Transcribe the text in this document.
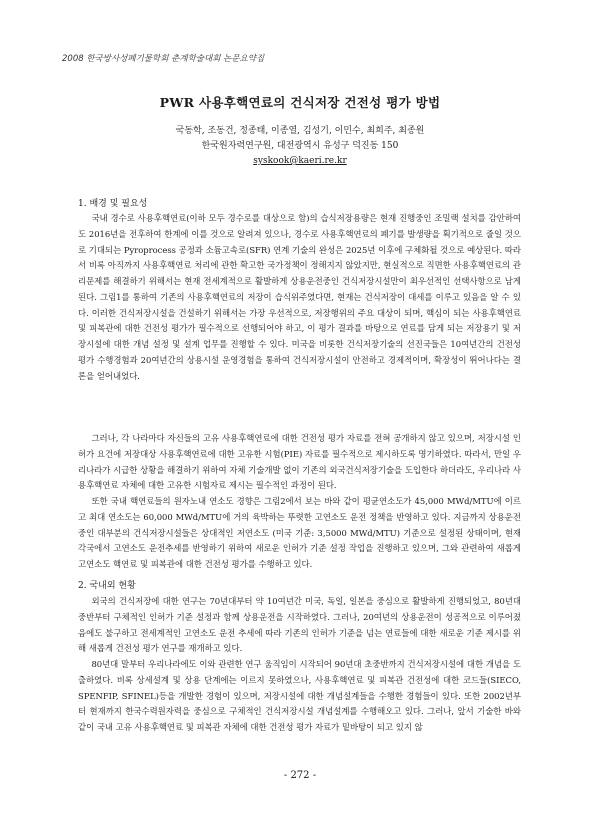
2008 한국방사성폐기물학회 춘계학술대회 논문요약집
PWR 사용후핵연료의 건식저장 건전성 평가 방법
국동학, 조동건, 정종태, 이종열, 김성기, 이민수, 최희주, 최종원
한국원자력연구원, 대전광역시 유성구 덕진동 150
syskook@kaeri.re.kr
1. 배경 및 필요성

국내 경수로 사용후핵연료(이하 모두 경수로를 대상으로 함)의 습식저장용량은 현재 진행중인 조밀랙 설치를 감안하여도 2016년을 전후하여 한계에 이를 것으로 알려져 있으나, 경수로 사용후핵연료의 폐기를 발생량을 획기적으로 줄일 것으로 기대되는 Pyroprocess 공정과 소듐고속로(SFR) 연계 기술의 완성은 2025년 이후에 구체화될 것으로 예상된다. 따라서 비록 아직까지 사용후핵연료 처리에 관한 확고한 국가정책이 정해지지 않았지만, 현실적으로 직면한 사용후핵연료의 관리문제를 해결하기 위해서는 현재 전세계적으로 활발하게 상용운전중인 건식저장시설만이 최우선적인 선택사항으로 남게 된다. 그림1를 통하여 기존의 사용후핵연료의 저장이 습식위주였다면, 현재는 건식저장이 대세를 이루고 있음을 알 수 있다. 이러한 건식저장시설을 건설하기 위해서는 가장 우선적으로, 저장행위의 주요 대상이 되며, 핵심이 되는 사용후핵연료 및 피복관에 대한 건전성 평가가 필수적으로 선행되어야 하고, 이 평가 결과를 바탕으로 연료를 담게 되는 저장용기 및 저장시설에 대한 개념 설정 및 설계 업무를 진행할 수 있다. 미국을 비롯한 건식저장기술의 선진국들은 10여년간의 건전성 평가 수행경험과 20여년간의 상용시설 운영경험을 통하여 건식저장시설이 안전하고 경제적이며, 확장성이 뛰어나다는 결론을 얻어내었다.

그러나, 각 나라마다 자신들의 고유 사용후핵연료에 대한 건전성 평가 자료를 전혀 공개하지 않고 있으며, 저장시설 인허가 요건에 저장대상 사용후핵연료에 대한 고유한 시험(PIE) 자료를 필수적으로 제시하도록 명기하였다. 따라서, 만일 우리나라가 시급한 상황을 해결하기 위하여 자체 기술개발 없이 기존의 외국건식저장기술을 도입한다 하더라도, 우리나라 사용후핵연료 자체에 대한 고유한 시험자료 제시는 필수적인 과정이 된다.

또한 국내 핵연료들의 원자노내 연소도 경향은 그림2에서 보는 바와 같이 평균연소도가 45,000 MWd/MTU에 이르고 최대 연소도는 60,000 MWd/MTU에 거의 육박하는 뚜렷한 고연소도 운전 정책을 반영하고 있다. 지금까지 상용운전중인 대부분의 건식저장시설들은 상대적인 저연소도 (미국 기준: 3,5000 MWd/MTU) 기준으로 설정된 상태이며, 현재 각국에서 고연소도 운전추세를 반영하기 위하여 새로운 인허가 기준 설정 작업을 진행하고 있으며, 그와 관련하여 새롭게 고연소도 핵연료 및 피복관에 대한 건전성 평가를 수행하고 있다.

2. 국내외 현황

외국의 건식저장에 대한 연구는 70년대부터 약 10여년간 미국, 독일, 일본을 중심으로 활발하게 진행되었고, 80년대 중반부터 구체적인 인허가 기준 설정과 함께 상용운전을 시작하였다. 그러나, 20여년의 상용운전이 성공적으로 이루어졌음에도 불구하고 전세계적인 고연소도 운전 추세에 따라 기존의 인허가 기준을 넘는 연료들에 대한 새로운 기준 제시를 위해 새롭게 건전성 평가 연구를 재개하고 있다.

80년대 말부터 우리나라에도 이와 관련한 연구 움직임이 시작되어 90년대 초중반까지 건식저장시설에 대한 개념을 도출하였다. 비록 상세설계 및 상용 단계에는 이르지 못하였으나, 사용후핵연료 및 피복관 건전성에 대한 코드들(SIECO, SPENFIP, SFINEL)등을 개발한 경험이 있으며, 저장시설에 대한 개념설계들을 수행한 경험들이 있다. 또한 2002년부터 현재까지 한국수력원자력을 중심으로 구체적인 건식저장시설 개념설계를 수행해오고 있다. 그러나, 앞서 기술한 바와 같이 국내 고유 사용후핵연료 및 피복관 자체에 대한 건전성 평가 자료가 밑바탕이 되고 있지 않

- 272 -
